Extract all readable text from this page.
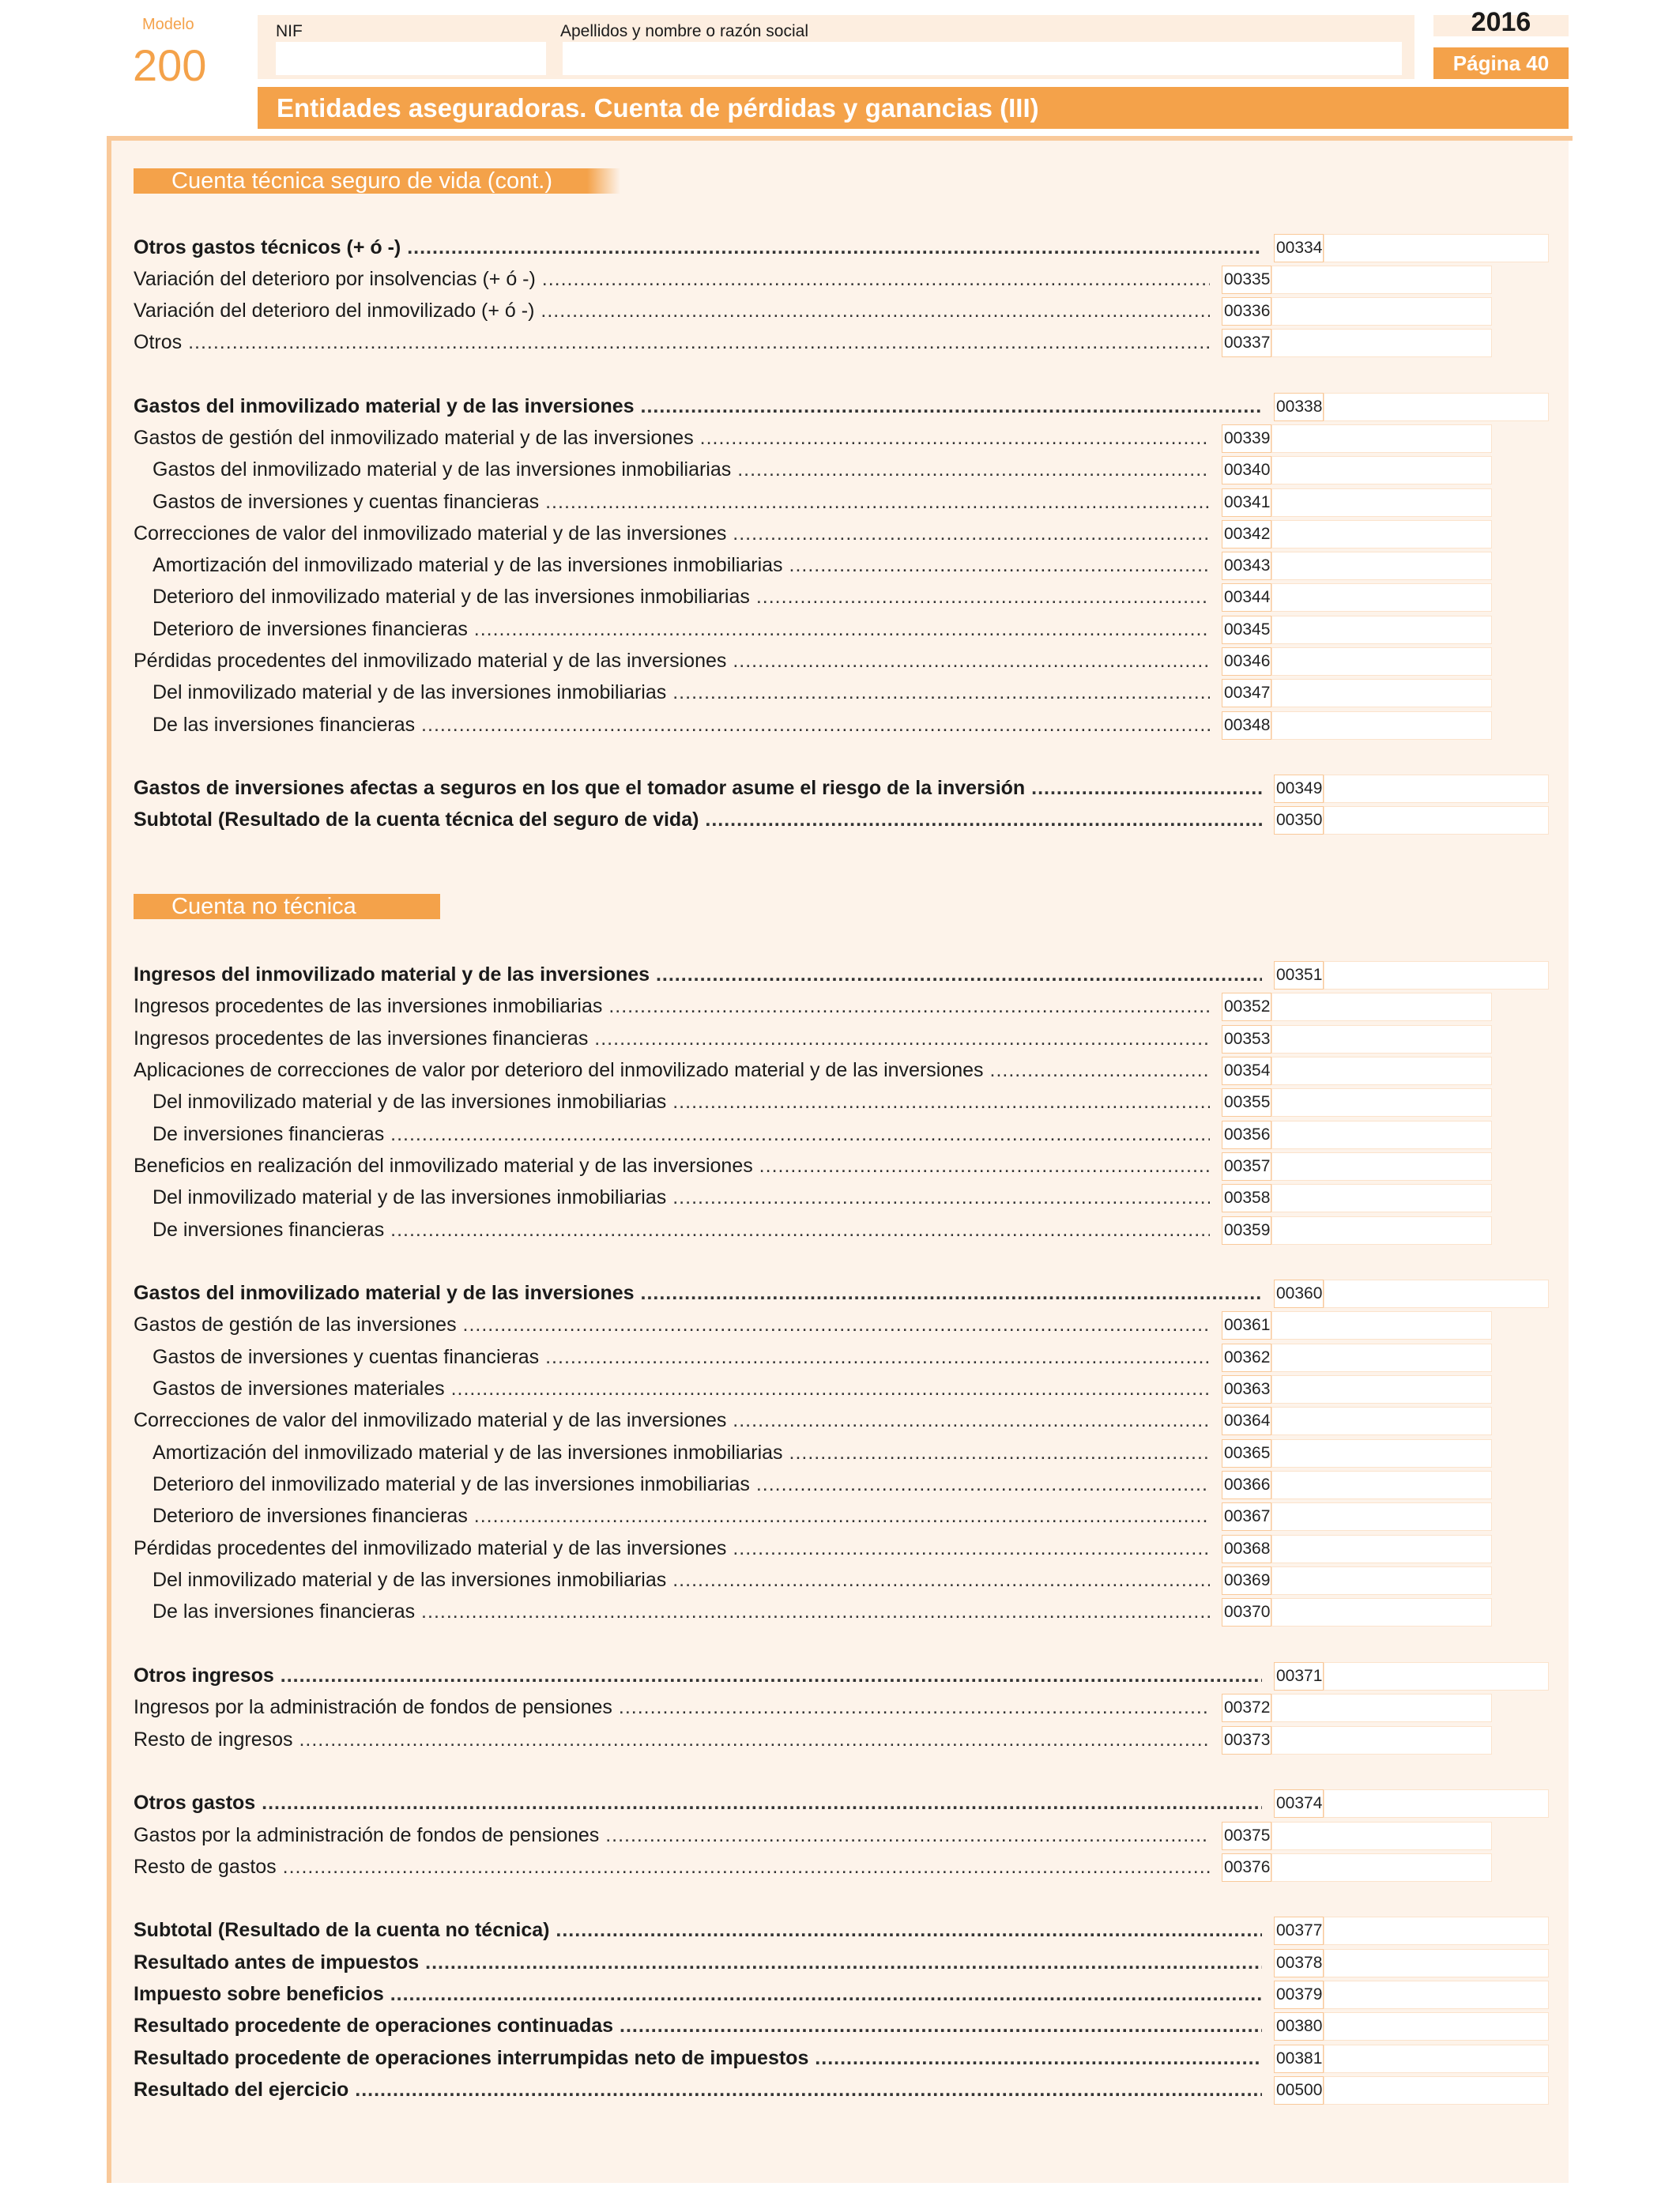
Modelo
200
NIF	Apellidos y nombre o razón social	2016
Página 40
Entidades aseguradoras. Cuenta de pérdidas y ganancias (III)
Cuenta técnica seguro de vida (cont.)
Cuenta no técnica
Otros gastos técnicos (+ ó -) .....	00334
Variación del deterioro por insolvencias (+ ó -) .....	00335
Variación del deterioro del inmovilizado (+ ó -) .....	00336
Otros .....	00337
Gastos del inmovilizado material y de las inversiones .....	00338
Gastos de gestión del inmovilizado material y de las inversiones .....	00339
Gastos del inmovilizado material y de las inversiones inmobiliarias .....	00340
Gastos de inversiones y cuentas financieras .....	00341
Correcciones de valor del inmovilizado material y de las inversiones .....	00342
Amortización del inmovilizado material y de las inversiones inmobiliarias .....	00343
Deterioro del inmovilizado material y de las inversiones inmobiliarias .....	00344
Deterioro de inversiones financieras .....	00345
Pérdidas procedentes del inmovilizado material y de las inversiones .....	00346
Del inmovilizado material y de las inversiones inmobiliarias .....	00347
De las inversiones financieras .....	00348
Gastos de inversiones afectas a seguros en los que el tomador asume el riesgo de la inversión .....	00349
Subtotal (Resultado de la cuenta técnica del seguro de vida) .....	00350
Ingresos del inmovilizado material y de las inversiones .....	00351
Ingresos procedentes de las inversiones inmobiliarias .....	00352
Ingresos procedentes de las inversiones financieras .....	00353
Aplicaciones de correcciones de valor por deterioro del inmovilizado material y de las inversiones .....	00354
Del inmovilizado material y de las inversiones inmobiliarias .....	00355
De inversiones financieras .....	00356
Beneficios en realización del inmovilizado material y de las inversiones .....	00357
Del inmovilizado material y de las inversiones inmobiliarias .....	00358
De inversiones financieras .....	00359
Gastos del inmovilizado material y de las inversiones .....	00360
Gastos de gestión de las inversiones .....	00361
Gastos de inversiones y cuentas financieras .....	00362
Gastos de inversiones materiales .....	00363
Correcciones de valor del inmovilizado material y de las inversiones .....	00364
Amortización del inmovilizado material y de las inversiones inmobiliarias .....	00365
Deterioro del inmovilizado material y de las inversiones inmobiliarias .....	00366
Deterioro de inversiones financieras .....	00367
Pérdidas procedentes del inmovilizado material y de las inversiones .....	00368
Del inmovilizado material y de las inversiones inmobiliarias .....	00369
De las inversiones financieras .....	00370
Otros ingresos .....	00371
Ingresos por la administración de fondos de pensiones .....	00372
Resto de ingresos .....	00373
Otros gastos .....	00374
Gastos por la administración de fondos de pensiones .....	00375
Resto de gastos .....	00376
Subtotal (Resultado de la cuenta no técnica) .....	00377
Resultado antes de impuestos .....	00378
Impuesto sobre beneficios .....	00379
Resultado procedente de operaciones continuadas .....	00380
Resultado procedente de operaciones interrumpidas neto de impuestos .....	00381
Resultado del ejercicio .....	00500
